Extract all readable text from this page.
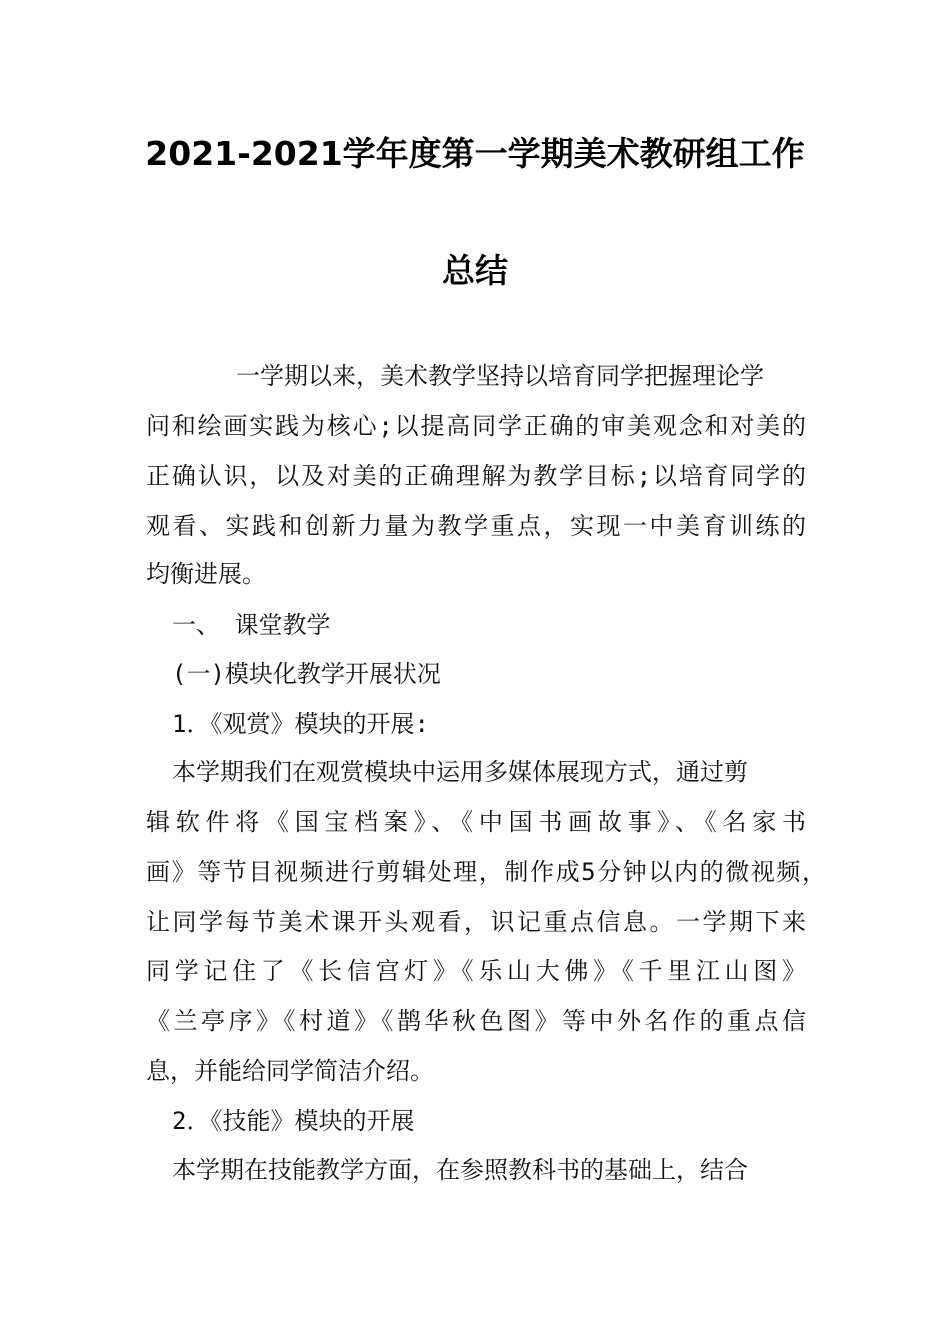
2021-2021学年度第一学期美术教研组工作
总结
一学期以来，美术教学坚持以培育同学把握理论学
问和绘画实践为核心;以提高同学正确的审美观念和对美的
正确认识，以及对美的正确理解为教学目标;以培育同学的
观看、实践和创新力量为教学重点，实现一中美育训练的
均衡进展。
一、 课堂教学
(一)模块化教学开展状况
1．《观赏》模块的开展:
本学期我们在观赏模块中运用多媒体展现方式，通过剪
辑软件将《国宝档案》、《中国书画故事》、《名家书
画》等节目视频进行剪辑处理，制作成5分钟以内的微视频，
让同学每节美术课开头观看，识记重点信息。一学期下来
同学记住了《长信宫灯》《乐山大佛》《千里江山图》
《兰亭序》《村道》《鹊华秋色图》等中外名作的重点信
息，并能给同学简洁介绍。
2．《技能》模块的开展
本学期在技能教学方面，在参照教科书的基础上，结合
